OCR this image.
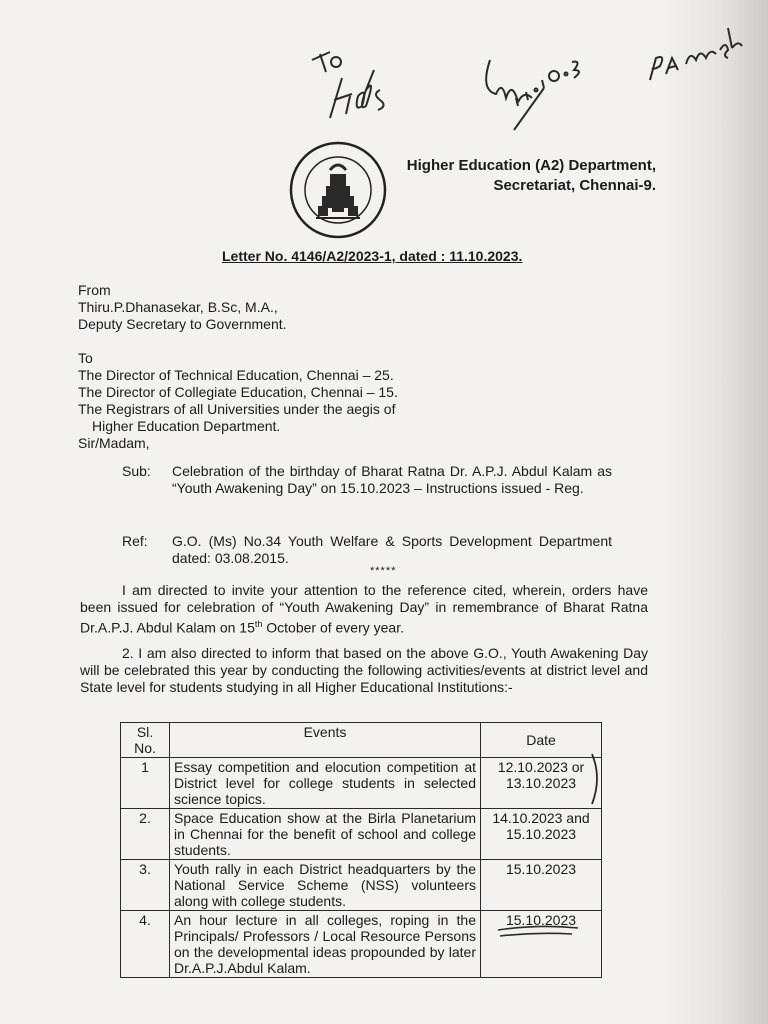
Higher Education (A2) Department,
Secretariat, Chennai-9.
Letter No. 4146/A2/2023-1, dated : 11.10.2023.
From
Thiru.P.Dhanasekar, B.Sc, M.A.,
Deputy Secretary to Government.
To
The Director of Technical Education, Chennai – 25.
The Director of Collegiate Education, Chennai – 15.
The Registrars of all Universities under the aegis of
Higher Education Department.
Sir/Madam,
Sub: Celebration of the birthday of Bharat Ratna Dr. A.P.J. Abdul Kalam as “Youth Awakening Day” on 15.10.2023 – Instructions issued - Reg.
Ref: G.O. (Ms) No.34 Youth Welfare & Sports Development Department dated: 03.08.2015.
*****

I am directed to invite your attention to the reference cited, wherein, orders have been issued for celebration of “Youth Awakening Day” in remembrance of Bharat Ratna Dr.A.P.J. Abdul Kalam on 15th October of every year.

2. I am also directed to inform that based on the above G.O., Youth Awakening Day will be celebrated this year by conducting the following activities/events at district level and State level for students studying in all Higher Educational Institutions:-

Sl. No.	Events	Date
1	Essay competition and elocution competition at District level for college students in selected science topics.	12.10.2023 or 13.10.2023
2.	Space Education show at the Birla Planetarium in Chennai for the benefit of school and college students.	14.10.2023 and 15.10.2023
3.	Youth rally in each District headquarters by the National Service Scheme (NSS) volunteers along with college students.	15.10.2023
4.	An hour lecture in all colleges, roping in the Principals/ Professors / Local Resource Persons on the developmental ideas propounded by later Dr.A.P.J.Abdul Kalam.	15.10.2023
